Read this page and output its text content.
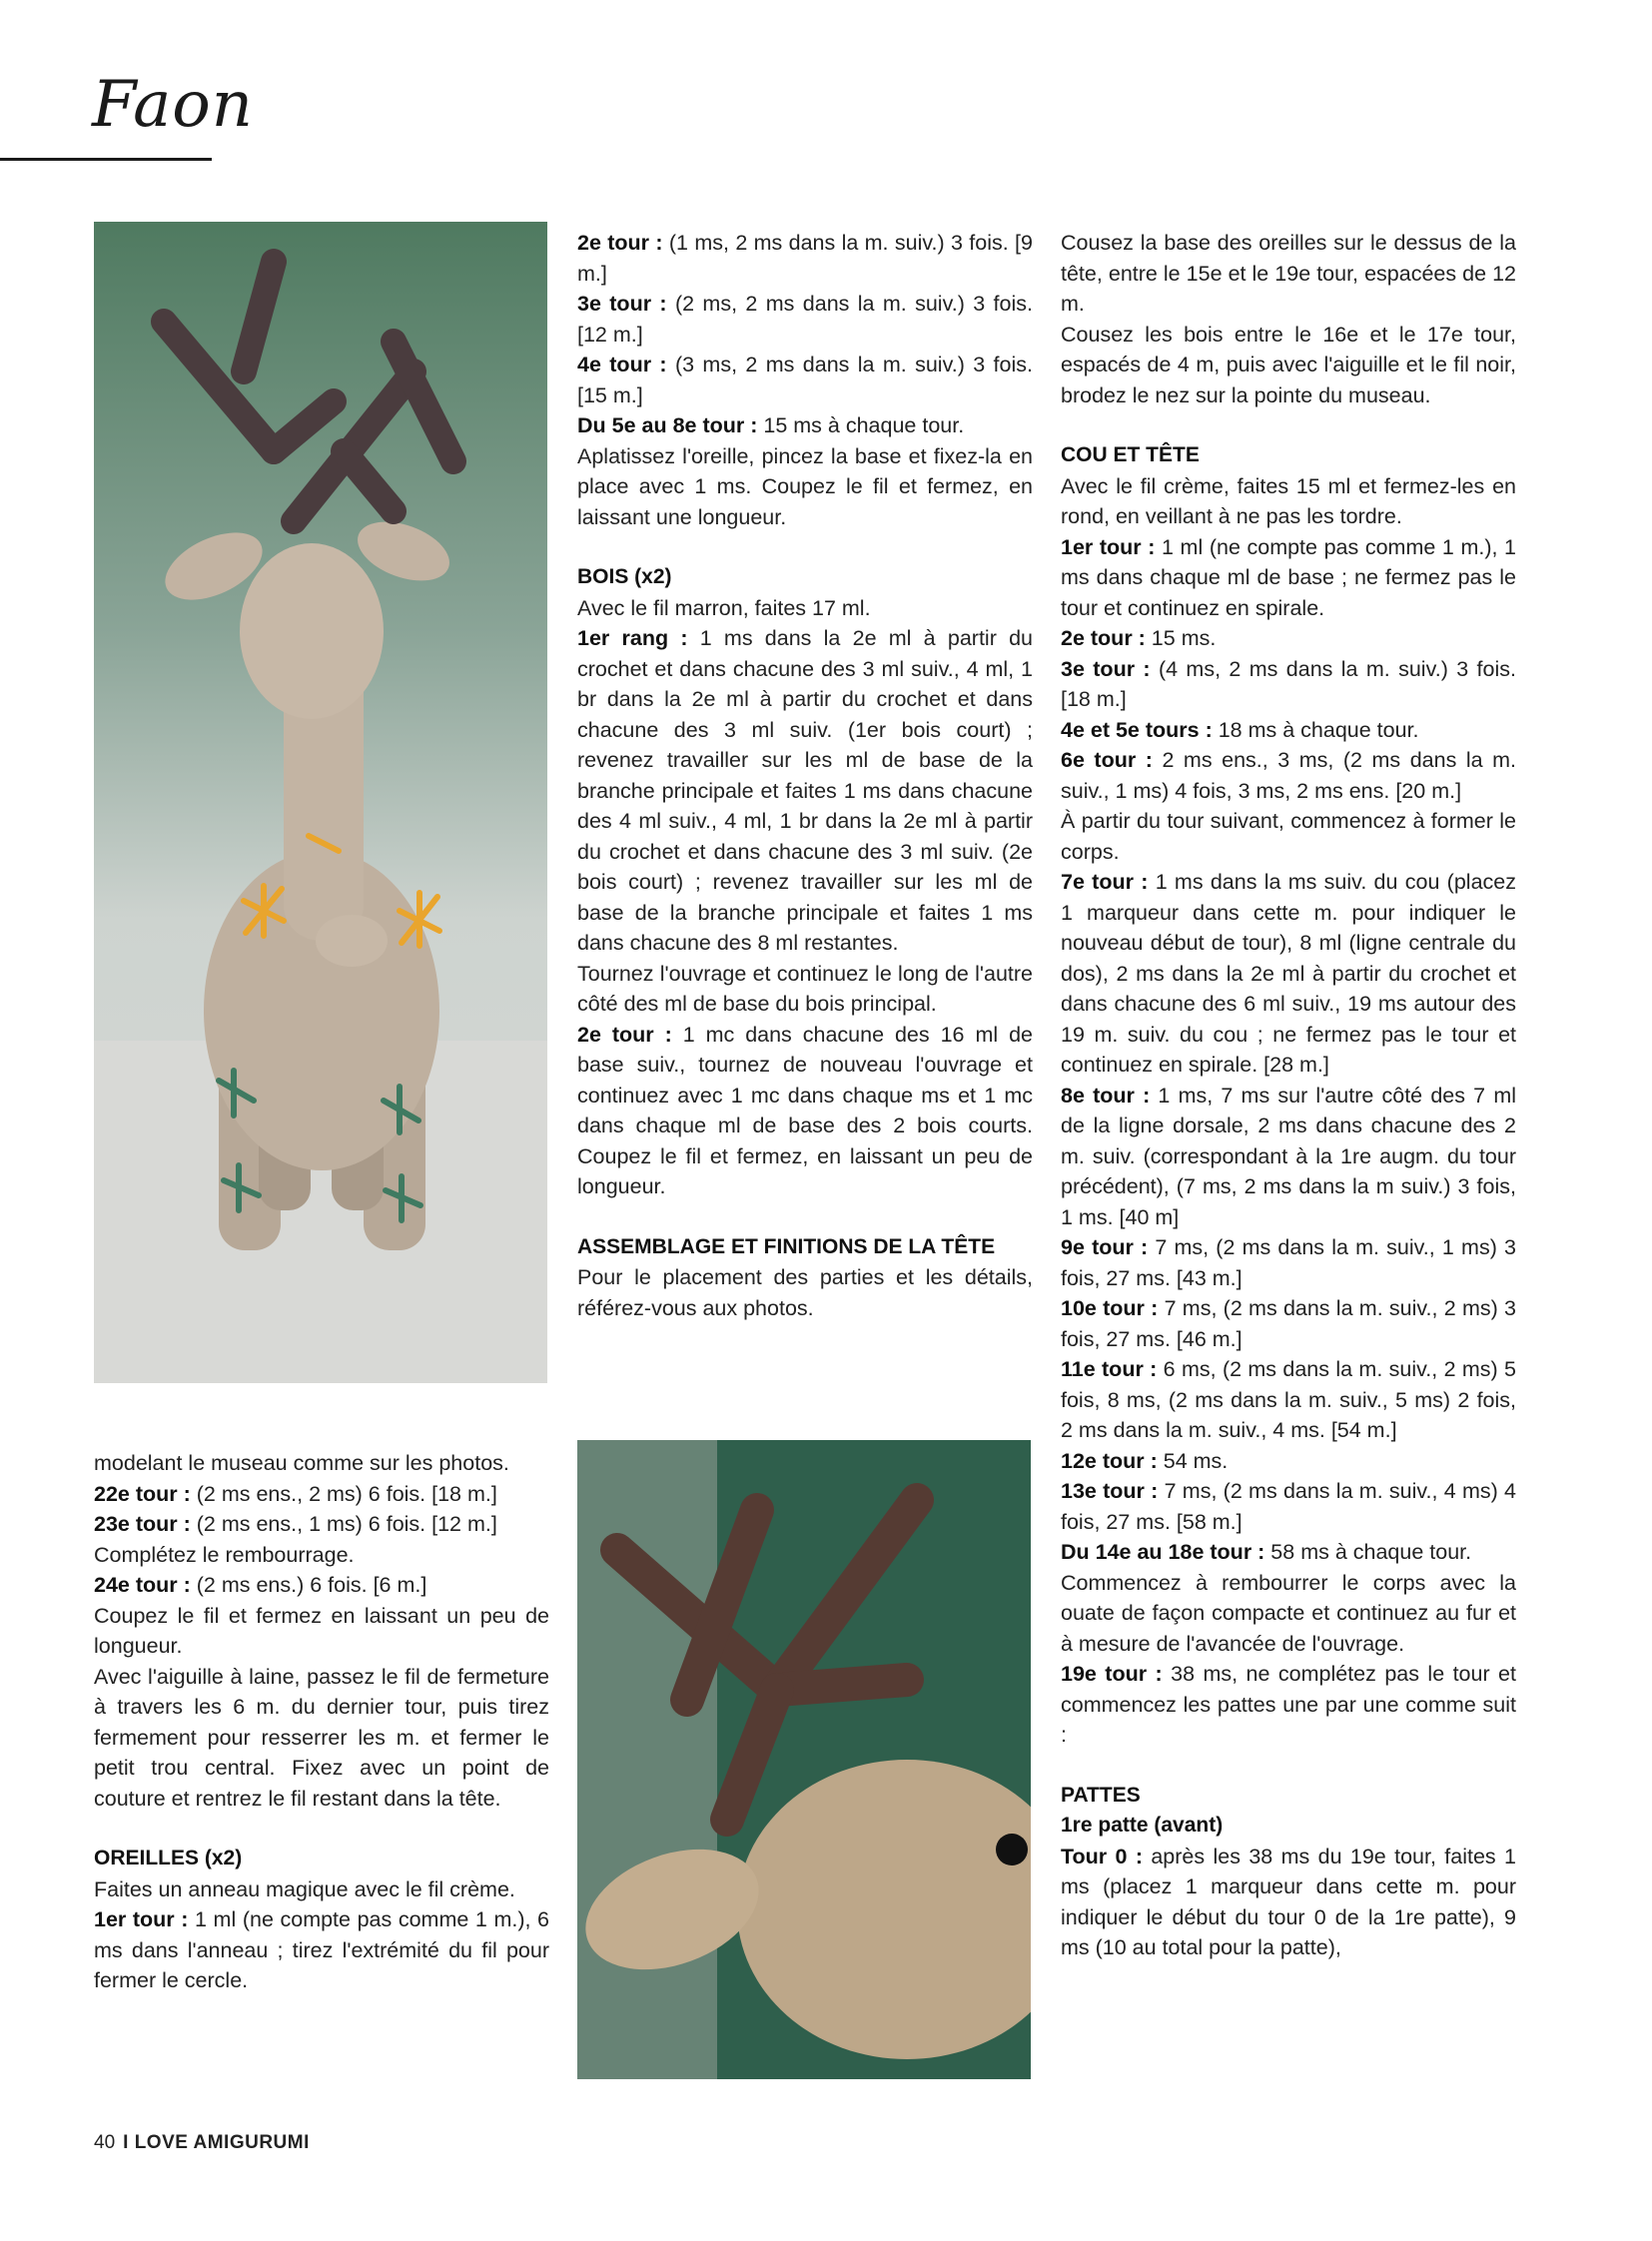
Faon

modelant le museau comme sur les photos.

22e tour : (2 ms ens., 2 ms) 6 fois. [18 m.]

23e tour : (2 ms ens., 1 ms) 6 fois. [12 m.]

Complétez le rembourrage.

24e tour : (2 ms ens.) 6 fois. [6 m.]

Coupez le fil et fermez en laissant un peu de longueur.

Avec l'aiguille à laine, passez le fil de fermeture à travers les 6 m. du dernier tour, puis tirez fermement pour resserrer les m. et fermer le petit trou central. Fixez avec un point de couture et rentrez le fil restant dans la tête.

OREILLES (x2)

Faites un anneau magique avec le fil crème.

1er tour : 1 ml (ne compte pas comme 1 m.), 6 ms dans l'anneau ; tirez l'extrémité du fil pour fermer le cercle.

2e tour : (1 ms, 2 ms dans la m. suiv.) 3 fois. [9 m.]

3e tour : (2 ms, 2 ms dans la m. suiv.) 3 fois. [12 m.]

4e tour : (3 ms, 2 ms dans la m. suiv.) 3 fois. [15 m.]

Du 5e au 8e tour : 15 ms à chaque tour.

Aplatissez l'oreille, pincez la base et fixez-la en place avec 1 ms. Coupez le fil et fermez, en laissant une longueur.

BOIS (x2)

Avec le fil marron, faites 17 ml.

1er rang : 1 ms dans la 2e ml à partir du crochet et dans chacune des 3 ml suiv., 4 ml, 1 br dans la 2e ml à partir du crochet et dans chacune des 3 ml suiv. (1er bois court) ; revenez travailler sur les ml de base de la branche principale et faites 1 ms dans chacune des 4 ml suiv., 4 ml, 1 br dans la 2e ml à partir du crochet et dans chacune des 3 ml suiv. (2e bois court) ; revenez travailler sur les ml de base de la branche principale et faites 1 ms dans chacune des 8 ml restantes.

Tournez l'ouvrage et continuez le long de l'autre côté des ml de base du bois principal.

2e tour : 1 mc dans chacune des 16 ml de base suiv., tournez de nouveau l'ouvrage et continuez avec 1 mc dans chaque ms et 1 mc dans chaque ml de base des 2 bois courts. Coupez le fil et fermez, en laissant un peu de longueur.

ASSEMBLAGE ET FINITIONS DE LA TÊTE

Pour le placement des parties et les détails, référez-vous aux photos.

Cousez la base des oreilles sur le dessus de la tête, entre le 15e et le 19e tour, espacées de 12 m.

Cousez les bois entre le 16e et le 17e tour, espacés de 4 m, puis avec l'aiguille et le fil noir, brodez le nez sur la pointe du museau.

COU ET TÊTE

Avec le fil crème, faites 15 ml et fermez-les en rond, en veillant à ne pas les tordre.

1er tour : 1 ml (ne compte pas comme 1 m.), 1 ms dans chaque ml de base ; ne fermez pas le tour et continuez en spirale.

2e tour : 15 ms.

3e tour : (4 ms, 2 ms dans la m. suiv.) 3 fois. [18 m.]

4e et 5e tours : 18 ms à chaque tour.

6e tour : 2 ms ens., 3 ms, (2 ms dans la m. suiv., 1 ms) 4 fois, 3 ms, 2 ms ens. [20 m.]

À partir du tour suivant, commencez à former le corps.

7e tour : 1 ms dans la ms suiv. du cou (placez 1 marqueur dans cette m. pour indiquer le nouveau début de tour), 8 ml (ligne centrale du dos), 2 ms dans la 2e ml à partir du crochet et dans chacune des 6 ml suiv., 19 ms autour des 19 m. suiv. du cou ; ne fermez pas le tour et continuez en spirale. [28 m.]

8e tour : 1 ms, 7 ms sur l'autre côté des 7 ml de la ligne dorsale, 2 ms dans chacune des 2 m. suiv. (correspondant à la 1re augm. du tour précédent), (7 ms, 2 ms dans la m suiv.) 3 fois, 1 ms. [40 m]

9e tour : 7 ms, (2 ms dans la m. suiv., 1 ms) 3 fois, 27 ms. [43 m.]

10e tour : 7 ms, (2 ms dans la m. suiv., 2 ms) 3 fois, 27 ms. [46 m.]

11e tour : 6 ms, (2 ms dans la m. suiv., 2 ms) 5 fois, 8 ms, (2 ms dans la m. suiv., 5 ms) 2 fois, 2 ms dans la m. suiv., 4 ms. [54 m.]

12e tour : 54 ms.

13e tour : 7 ms, (2 ms dans la m. suiv., 4 ms) 4 fois, 27 ms. [58 m.]

Du 14e au 18e tour : 58 ms à chaque tour.

Commencez à rembourrer le corps avec la ouate de façon compacte et continuez au fur et à mesure de l'avancée de l'ouvrage.

19e tour : 38 ms, ne complétez pas le tour et commencez les pattes une par une comme suit :

PATTES
1re patte (avant)

Tour 0 : après les 38 ms du 19e tour, faites 1 ms (placez 1 marqueur dans cette m. pour indiquer le début du tour 0 de la 1re patte), 9 ms (10 au total pour la patte),

40 I LOVE AMIGURUMI
